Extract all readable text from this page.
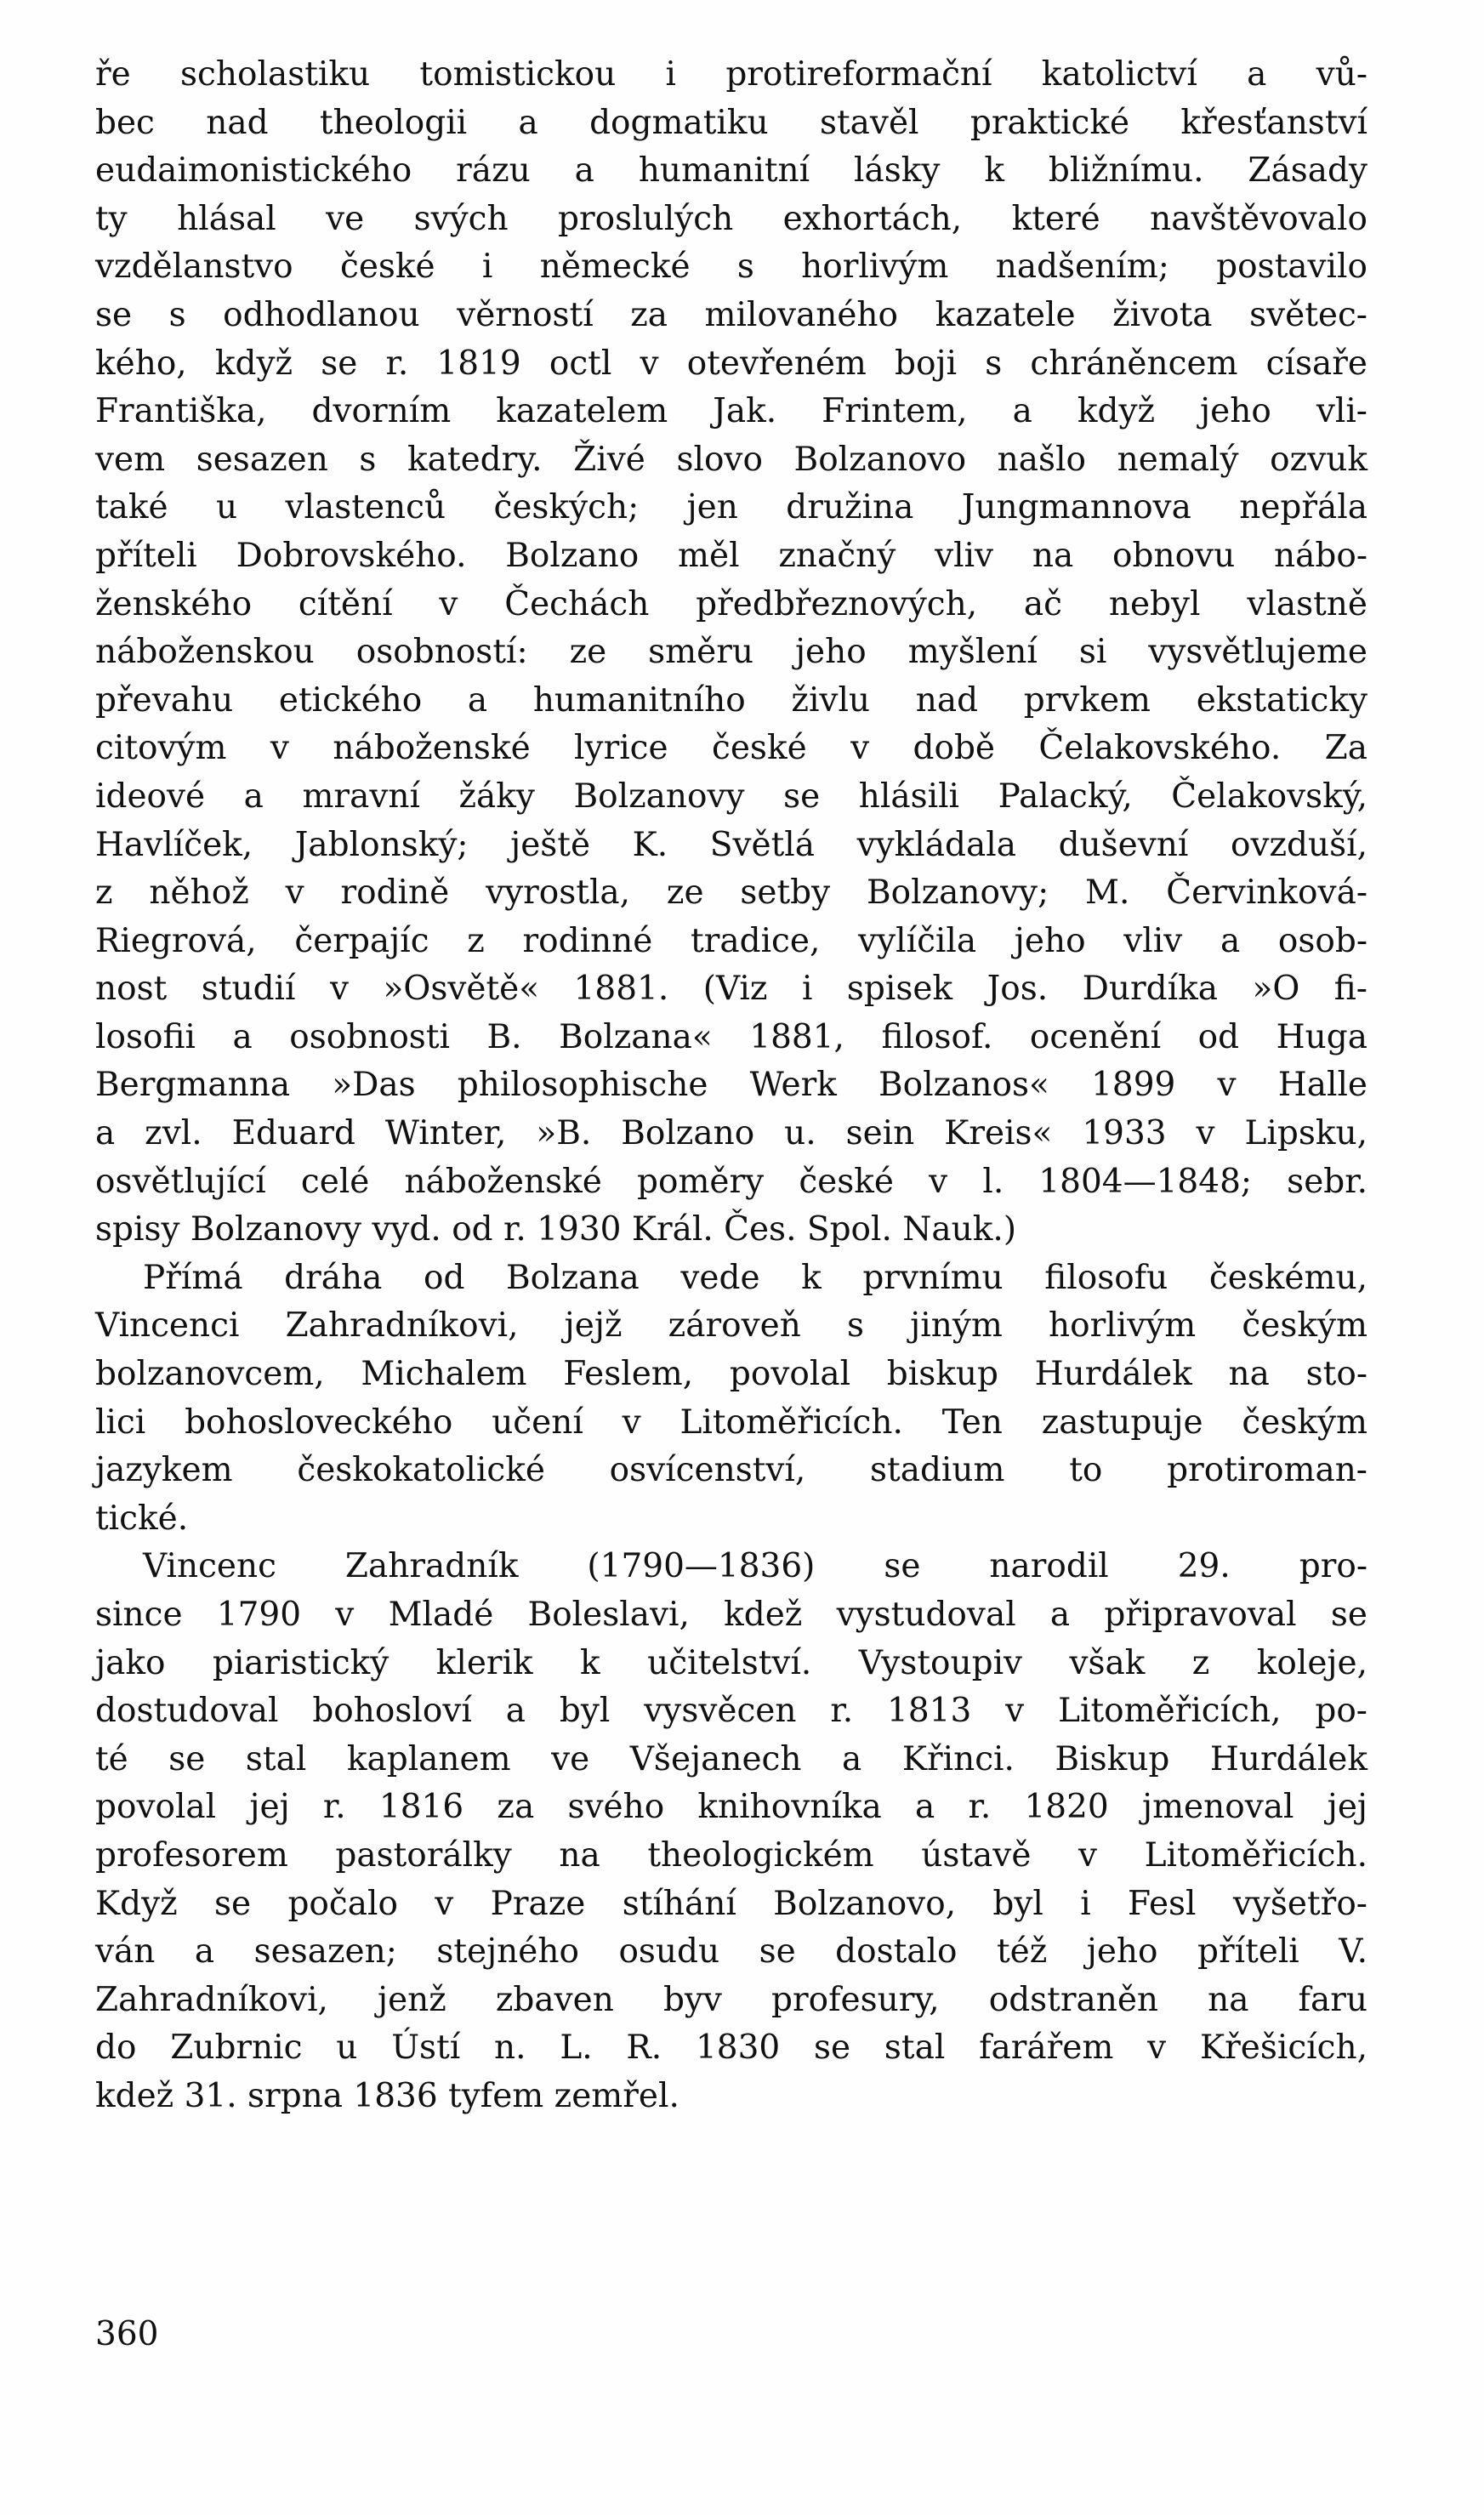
ře scholastiku tomistickou i protireformační katolictví a vů-
bec nad theologii a dogmatiku stavěl praktické křesťanství
eudaimonistického rázu a humanitní lásky k bližnímu. Zásady
ty hlásal ve svých proslulých exhortách, které navštěvovalo
vzdělanstvo české i německé s horlivým nadšením; postavilo
se s odhodlanou věrností za milovaného kazatele života světec-
kého, když se r. 1819 octl v otevřeném boji s chráněncem císaře
Františka, dvorním kazatelem Jak. Frintem, a když jeho vli-
vem sesazen s katedry. Živé slovo Bolzanovo našlo nemalý ozvuk
také u vlastenců českých; jen družina Jungmannova nepřála
příteli Dobrovského. Bolzano měl značný vliv na obnovu nábo-
ženského cítění v Čechách předbřeznových, ač nebyl vlastně
náboženskou osobností: ze směru jeho myšlení si vysvětlujeme
převahu etického a humanitního živlu nad prvkem ekstaticky
citovým v náboženské lyrice české v době Čelakovského. Za
ideové a mravní žáky Bolzanovy se hlásili Palacký, Čelakovský,
Havlíček, Jablonský; ještě K. Světlá vykládala duševní ovzduší,
z něhož v rodině vyrostla, ze setby Bolzanovy; M. Červinková-
Riegrová, čerpajíc z rodinné tradice, vylíčila jeho vliv a osob-
nost studií v »Osvětě« 1881. (Viz i spisek Jos. Durdíka »O fi-
losofii a osobnosti B. Bolzana« 1881, filosof. ocenění od Huga
Bergmanna »Das philosophische Werk Bolzanos« 1899 v Halle
a zvl. Eduard Winter, »B. Bolzano u. sein Kreis« 1933 v Lipsku,
osvětlující celé náboženské poměry české v l. 1804—1848; sebr.
spisy Bolzanovy vyd. od r. 1930 Král. Čes. Spol. Nauk.)
Přímá dráha od Bolzana vede k prvnímu filosofu českému,
Vincenci Zahradníkovi, jejž zároveň s jiným horlivým českým
bolzanovcem, Michalem Feslem, povolal biskup Hurdálek na sto-
lici bohosloveckého učení v Litoměřicích. Ten zastupuje českým
jazykem českokatolické osvícenství, stadium to protiroman-
tické.
Vincenc Zahradník (1790—1836) se narodil 29. pro-
since 1790 v Mladé Boleslavi, kdež vystudoval a připravoval se
jako piaristický klerik k učitelství. Vystoupiv však z koleje,
dostudoval bohosloví a byl vysvěcen r. 1813 v Litoměřicích, po-
té se stal kaplanem ve Všejanech a Křinci. Biskup Hurdálek
povolal jej r. 1816 za svého knihovníka a r. 1820 jmenoval jej
profesorem pastorálky na theologickém ústavě v Litoměřicích.
Když se počalo v Praze stíhání Bolzanovo, byl i Fesl vyšetřo-
ván a sesazen; stejného osudu se dostalo též jeho příteli V.
Zahradníkovi, jenž zbaven byv profesury, odstraněn na faru
do Zubrnic u Ústí n. L. R. 1830 se stal farářem v Křešicích,
kdež 31. srpna 1836 tyfem zemřel.
360
